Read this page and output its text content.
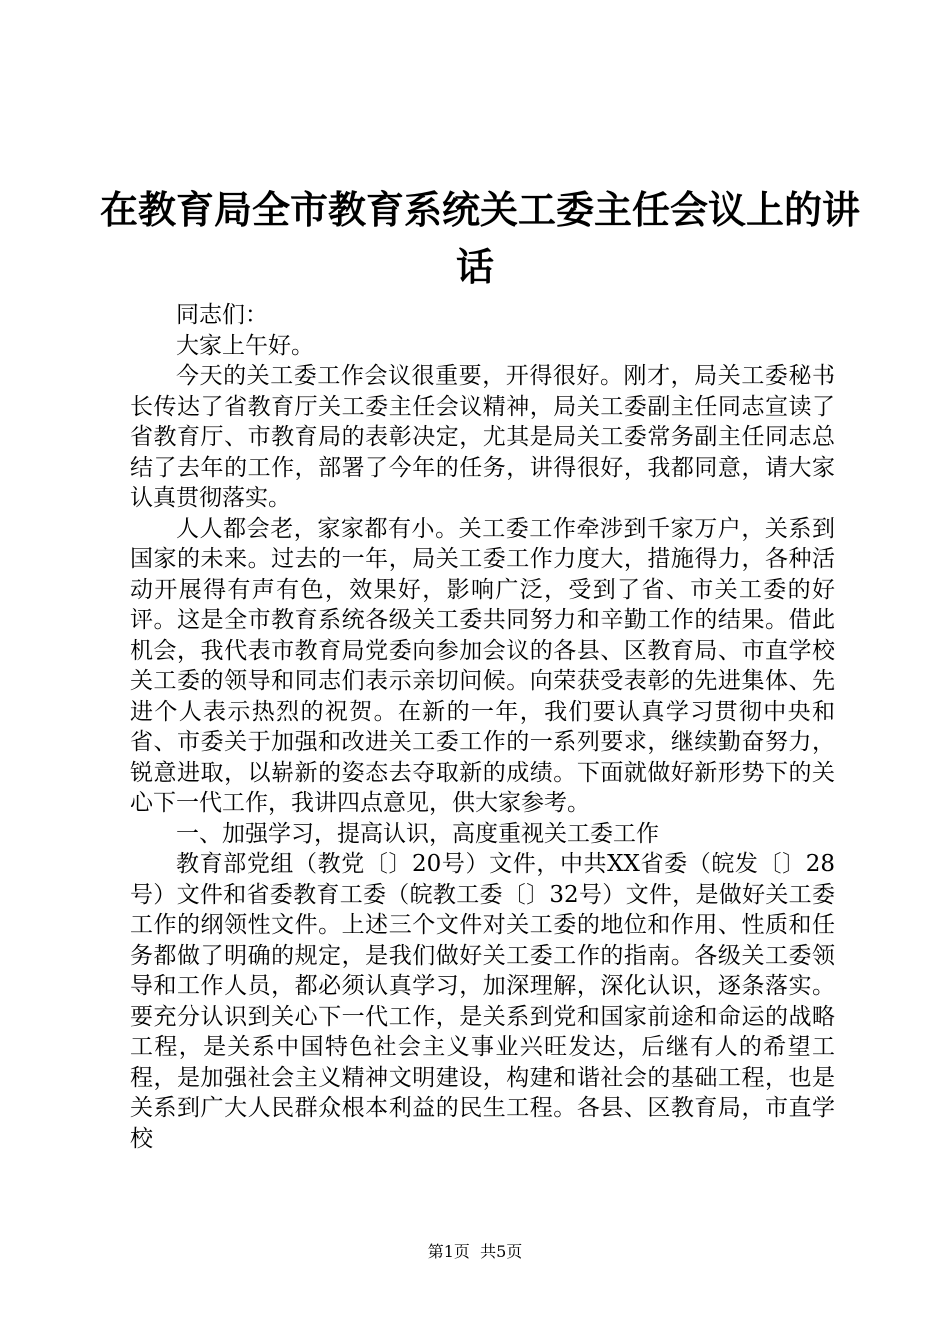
在教育局全市教育系统关工委主任会议上的讲
话

同志们：

大家上午好。

今天的关工委工作会议很重要，开得很好。刚才，局关工委秘书长传达了省教育厅关工委主任会议精神，局关工委副主任同志宣读了省教育厅、市教育局的表彰决定，尤其是局关工委常务副主任同志总结了去年的工作，部署了今年的任务，讲得很好，我都同意，请大家认真贯彻落实。

人人都会老，家家都有小。关工委工作牵涉到千家万户，关系到国家的未来。过去的一年，局关工委工作力度大，措施得力，各种活动开展得有声有色，效果好，影响广泛，受到了省、市关工委的好评。这是全市教育系统各级关工委共同努力和辛勤工作的结果。借此机会，我代表市教育局党委向参加会议的各县、区教育局、市直学校关工委的领导和同志们表示亲切问候。向荣获受表彰的先进集体、先进个人表示热烈的祝贺。在新的一年，我们要认真学习贯彻中央和省、市委关于加强和改进关工委工作的一系列要求，继续勤奋努力，锐意进取，以崭新的姿态去夺取新的成绩。下面就做好新形势下的关心下一代工作，我讲四点意见，供大家参考。

一、加强学习，提高认识，高度重视关工委工作

教育部党组（教党〔〕20号）文件，中共XX省委（皖发〔〕28号）文件和省委教育工委（皖教工委〔〕32号）文件，是做好关工委工作的纲领性文件。上述三个文件对关工委的地位和作用、性质和任务都做了明确的规定，是我们做好关工委工作的指南。各级关工委领导和工作人员，都必须认真学习，加深理解，深化认识，逐条落实。要充分认识到关心下一代工作，是关系到党和国家前途和命运的战略工程，是关系中国特色社会主义事业兴旺发达，后继有人的希望工程，是加强社会主义精神文明建设，构建和谐社会的基础工程，也是关系到广大人民群众根本利益的民生工程。各县、区教育局，市直学校

第1页 共5页
